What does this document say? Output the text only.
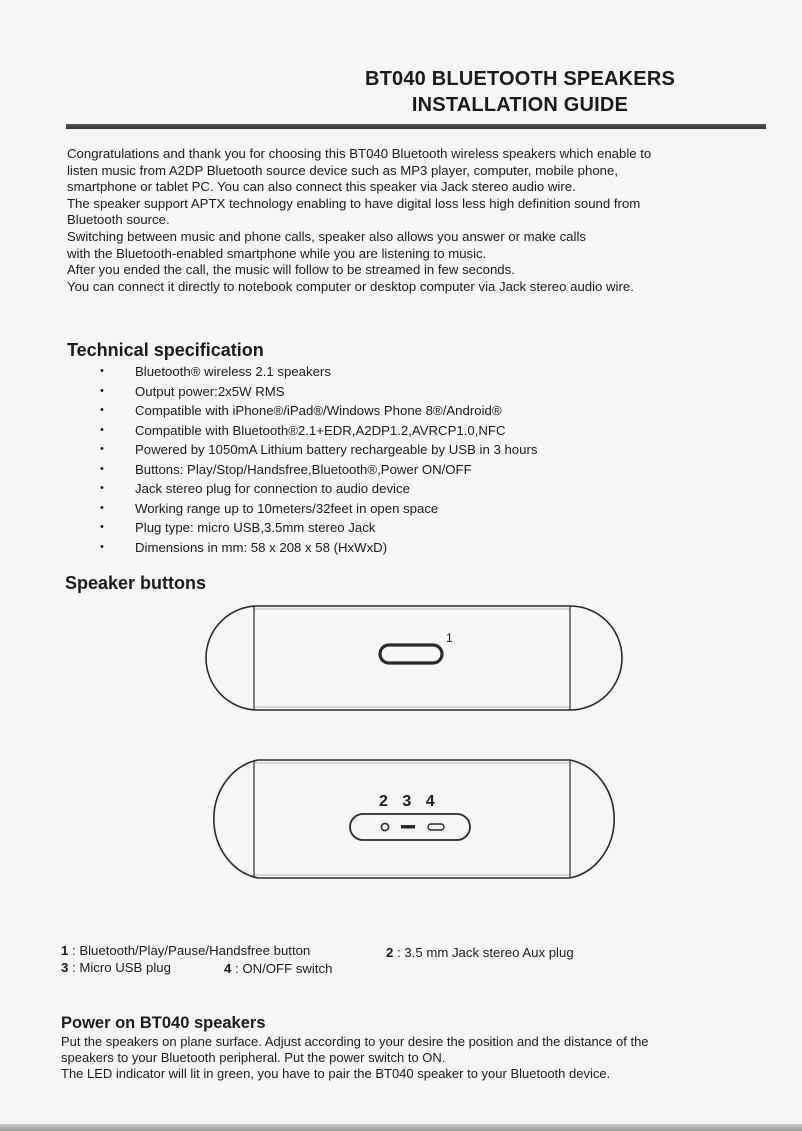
BT040 BLUETOOTH SPEAKERS
INSTALLATION GUIDE

Congratulations and thank you for choosing this BT040 Bluetooth wireless speakers which enable to

listen music from A2DP Bluetooth source device such as MP3 player, computer, mobile phone,

smartphone or tablet PC. You can also connect this speaker via Jack stereo audio wire.

The speaker support APTX technology enabling to have digital loss less high definition sound from

Bluetooth source.

Switching between music and phone calls, speaker also allows you answer or make calls

with the Bluetooth-enabled smartphone while you are listening to music.

After you ended the call, the music will follow to be streamed in few seconds.

You can connect it directly to notebook computer or desktop computer via Jack stereo audio wire.

Technical specification
• Bluetooth® wireless 2.1 speakers
• Output power:2x5W RMS
• Compatible with iPhone®/iPad®/Windows Phone 8®/Android®
• Compatible with Bluetooth®2.1+EDR,A2DP1.2,AVRCP1.0,NFC
• Powered by 1050mA Lithium battery rechargeable by USB in 3 hours
• Buttons: Play/Stop/Handsfree,Bluetooth®,Power ON/OFF
• Jack stereo plug for connection to audio device
• Working range up to 10meters/32feet in open space
• Plug type: micro USB,3.5mm stereo Jack
• Dimensions in mm: 58 x 208 x 58 (HxWxD)
Speaker buttons
1
2 3 4
1 : Bluetooth/Play/Pause/Handsfree button	2 : 3.5 mm Jack stereo Aux plug
3 : Micro USB plug	4 : ON/OFF switch
Power on BT040 speakers

Put the speakers on plane surface. Adjust according to your desire the position and the distance of the

speakers to your Bluetooth peripheral. Put the power switch to ON.

The LED indicator will lit in green, you have to pair the BT040 speaker to your Bluetooth device.
